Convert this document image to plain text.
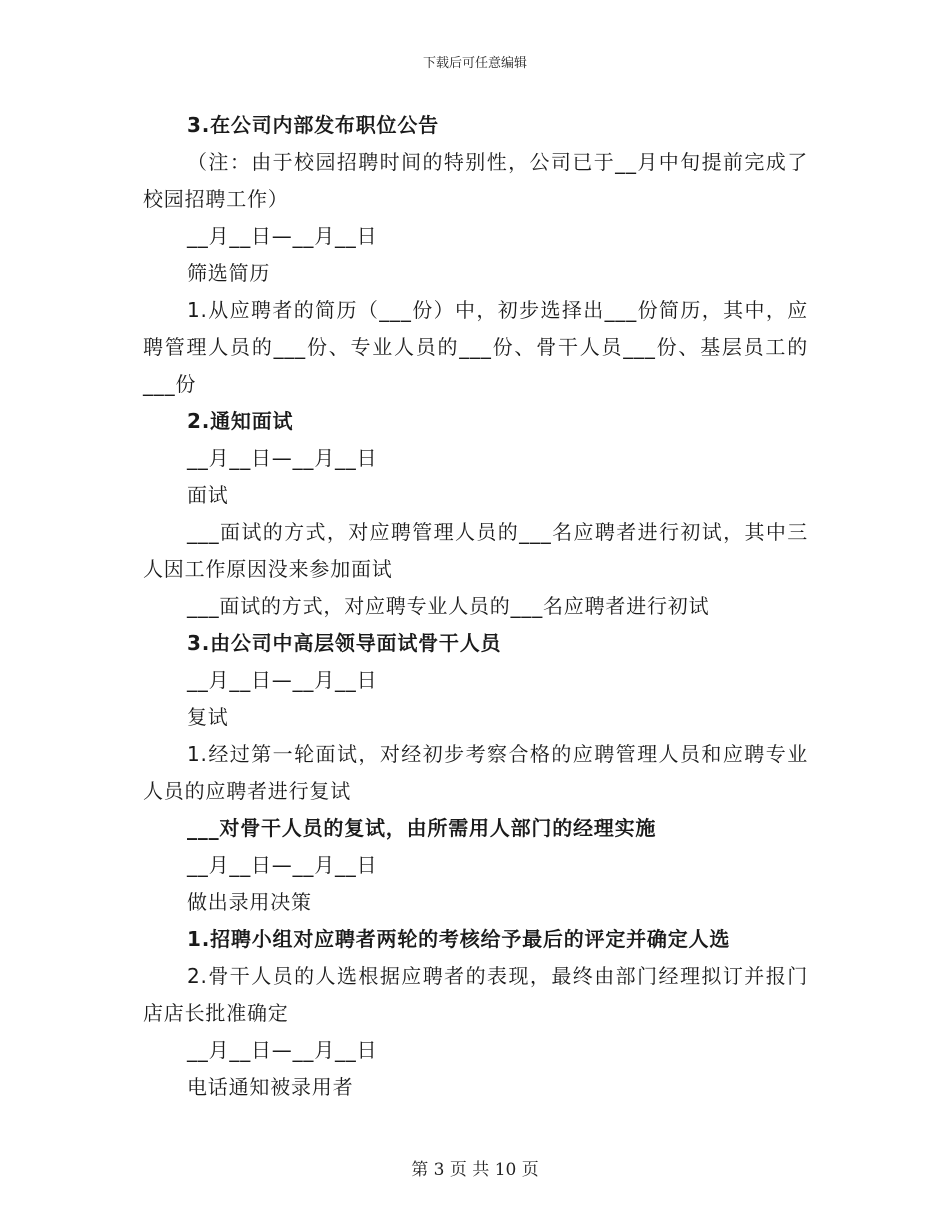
下载后可任意编辑

3.在公司内部发布职位公告

（注：由于校园招聘时间的特别性，公司已于__月中旬提前完成了校园招聘工作）

__月__日—__月__日

筛选简历

1.从应聘者的简历（___份）中，初步选择出___份简历，其中，应聘管理人员的___份、专业人员的___份、骨干人员___份、基层员工的___份

2.通知面试

__月__日—__月__日

面试

___面试的方式，对应聘管理人员的___名应聘者进行初试，其中三人因工作原因没来参加面试

___面试的方式，对应聘专业人员的___名应聘者进行初试

3.由公司中高层领导面试骨干人员

__月__日—__月__日

复试

1.经过第一轮面试，对经初步考察合格的应聘管理人员和应聘专业人员的应聘者进行复试

___对骨干人员的复试，由所需用人部门的经理实施

__月__日—__月__日

做出录用决策

1.招聘小组对应聘者两轮的考核给予最后的评定并确定人选

2.骨干人员的人选根据应聘者的表现，最终由部门经理拟订并报门店店长批准确定

__月__日—__月__日

电话通知被录用者

第 3 页 共 10 页
